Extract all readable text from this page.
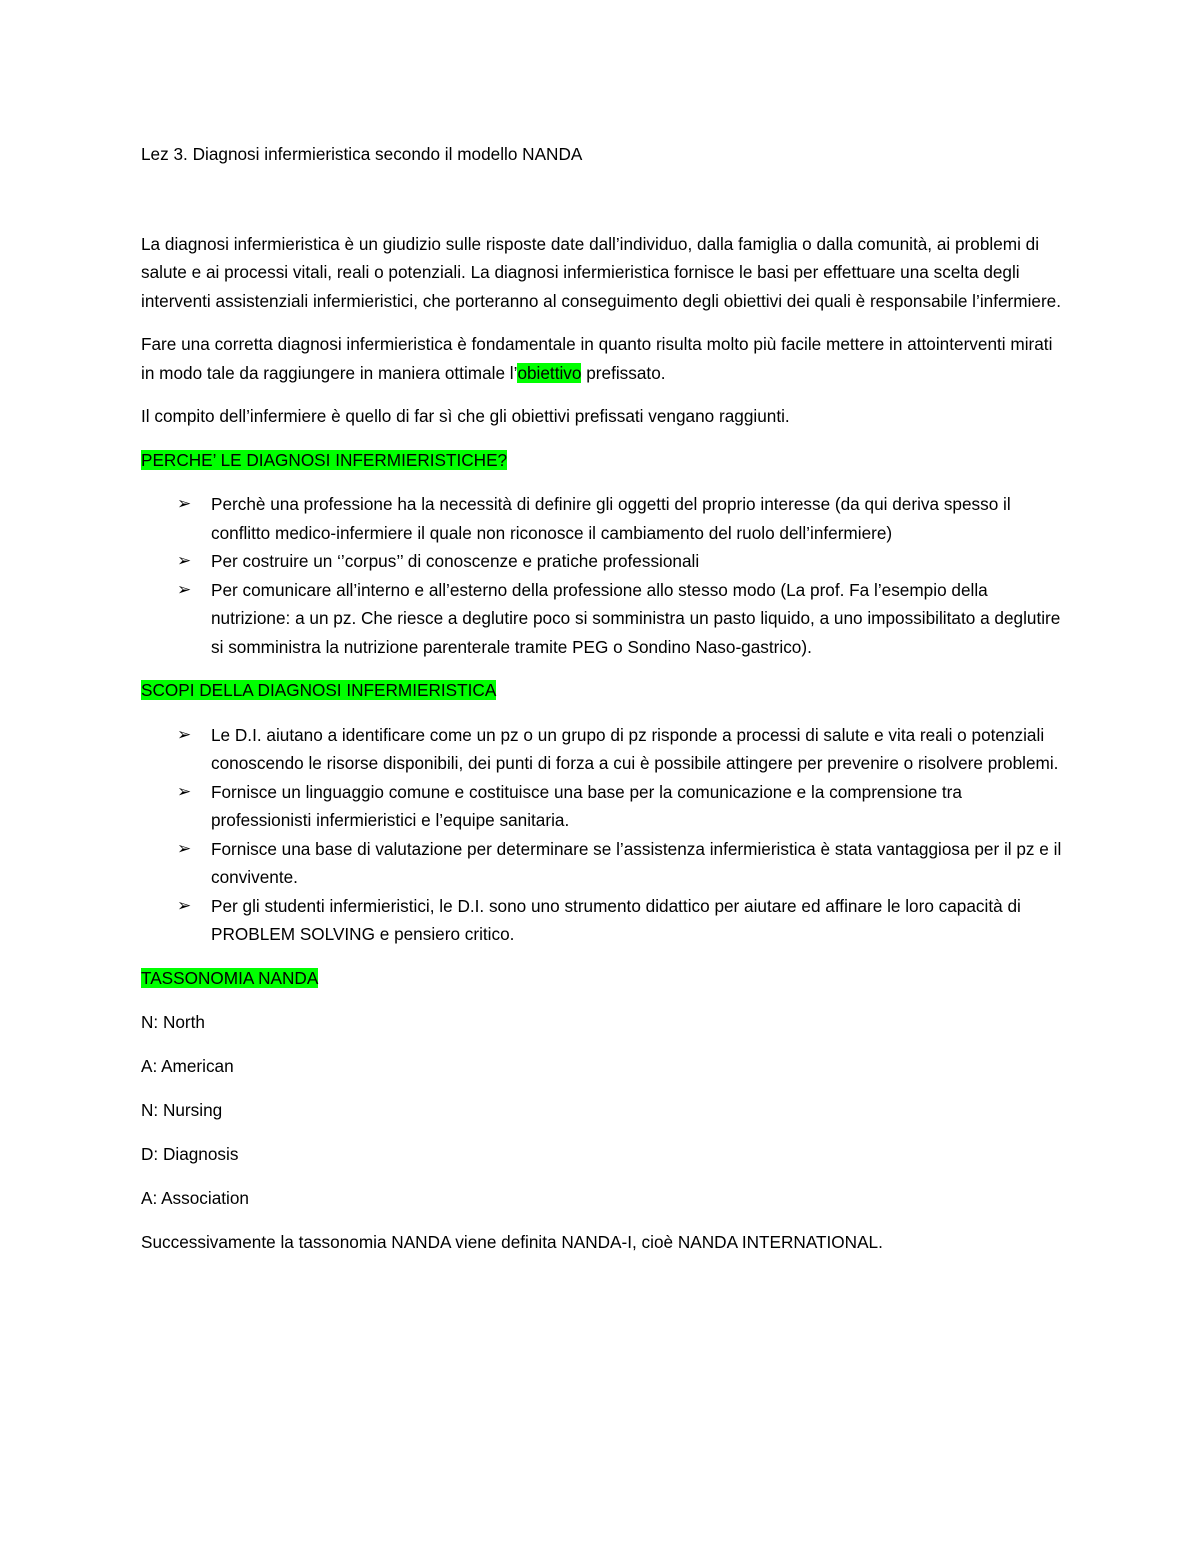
Lez 3. Diagnosi infermieristica secondo il modello NANDA

La diagnosi infermieristica è un giudizio sulle risposte date dall’individuo, dalla famiglia o dalla comunità, ai problemi di salute e ai processi vitali, reali o potenziali. La diagnosi infermieristica fornisce le basi per effettuare una scelta degli interventi assistenziali infermieristici, che porteranno al conseguimento degli obiettivi dei quali è responsabile l’infermiere.

Fare una corretta diagnosi infermieristica è fondamentale in quanto risulta molto più facile mettere in attointerventi mirati in modo tale da raggiungere in maniera ottimale l’obiettivo prefissato.

Il compito dell’infermiere è quello di far sì che gli obiettivi prefissati vengano raggiunti.

PERCHE’ LE DIAGNOSI INFERMIERISTICHE?

➢ Perchè una professione ha la necessità di definire gli oggetti del proprio interesse (da qui deriva spesso il conflitto medico-infermiere il quale non riconosce il cambiamento del ruolo dell’infermiere)
➢ Per costruire un ‘’corpus’’ di conoscenze e pratiche professionali
➢ Per comunicare all’interno e all’esterno della professione allo stesso modo (La prof. Fa l’esempio della nutrizione: a un pz. Che riesce a deglutire poco si somministra un pasto liquido, a uno impossibilitato a deglutire si somministra la nutrizione parenterale tramite PEG o Sondino Naso-gastrico).

SCOPI DELLA DIAGNOSI INFERMIERISTICA

➢ Le D.I. aiutano a identificare come un pz o un grupo di pz risponde a processi di salute e vita reali o potenziali conoscendo le risorse disponibili, dei punti di forza a cui è possibile attingere per prevenire o risolvere problemi.
➢ Fornisce un linguaggio comune e costituisce una base per la comunicazione e la comprensione tra professionisti infermieristici e l’equipe sanitaria.
➢ Fornisce una base di valutazione per determinare se l’assistenza infermieristica è stata vantaggiosa per il pz e il convivente.
➢ Per gli studenti infermieristici, le D.I. sono uno strumento didattico per aiutare ed affinare le loro capacità di PROBLEM SOLVING e pensiero critico.

TASSONOMIA NANDA

N: North

A: American

N: Nursing

D: Diagnosis

A: Association

Successivamente la tassonomia NANDA viene definita NANDA-I, cioè NANDA INTERNATIONAL.
